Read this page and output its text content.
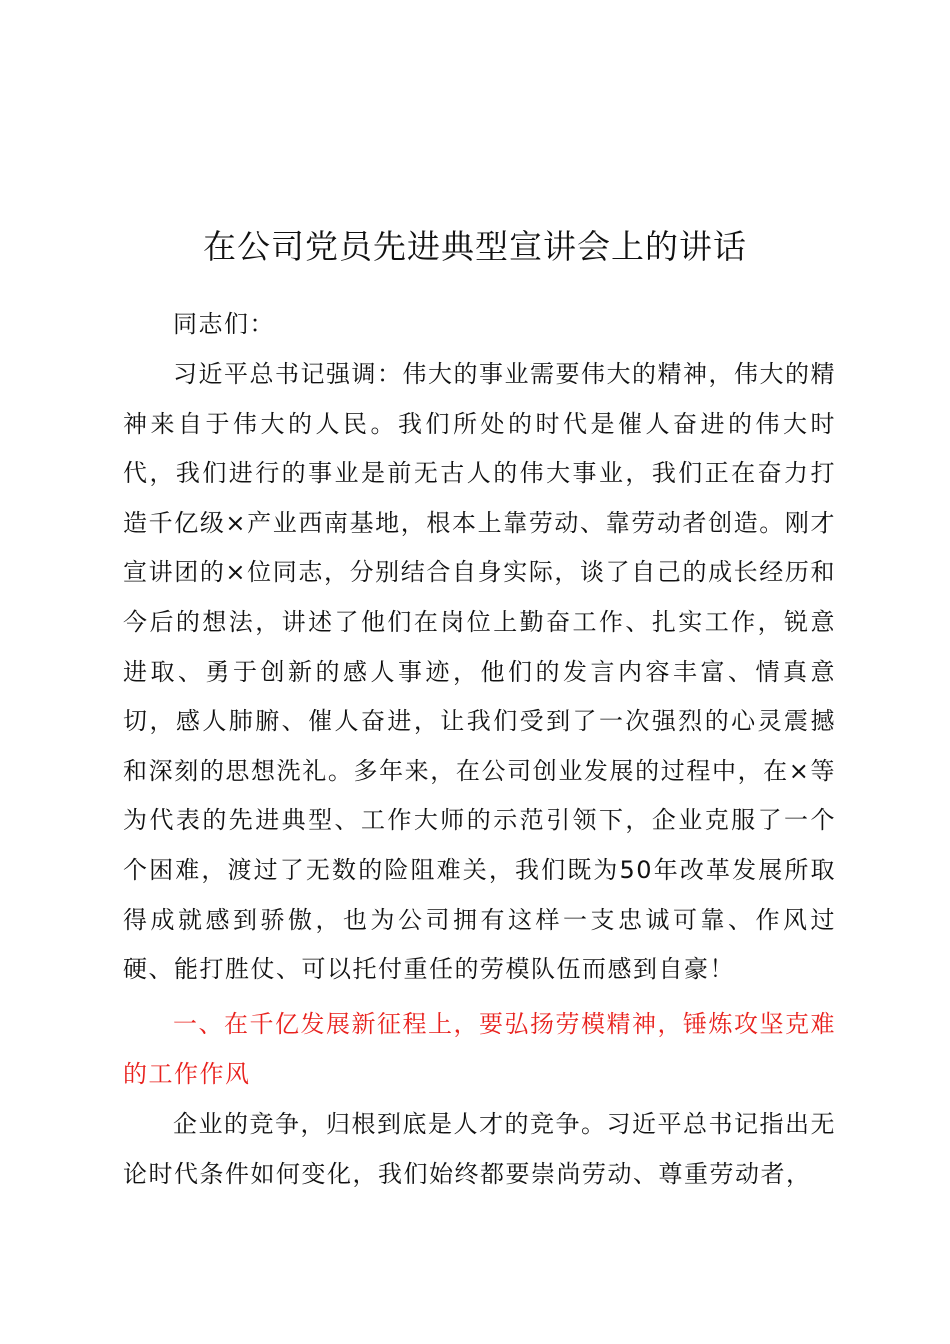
在公司党员先进典型宣讲会上的讲话

同志们：

习近平总书记强调：伟大的事业需要伟大的精神，伟大的精神来自于伟大的人民。我们所处的时代是催人奋进的伟大时代，我们进行的事业是前无古人的伟大事业，我们正在奋力打造千亿级×产业西南基地，根本上靠劳动、靠劳动者创造。刚才宣讲团的×位同志，分别结合自身实际，谈了自己的成长经历和今后的想法，讲述了他们在岗位上勤奋工作、扎实工作，锐意进取、勇于创新的感人事迹，他们的发言内容丰富、情真意切，感人肺腑、催人奋进，让我们受到了一次强烈的心灵震撼和深刻的思想洗礼。多年来，在公司创业发展的过程中，在×等为代表的先进典型、工作大师的示范引领下，企业克服了一个个困难，渡过了无数的险阻难关，我们既为50年改革发展所取得成就感到骄傲，也为公司拥有这样一支忠诚可靠、作风过硬、能打胜仗、可以托付重任的劳模队伍而感到自豪！

一、在千亿发展新征程上，要弘扬劳模精神，锤炼攻坚克难的工作作风

企业的竞争，归根到底是人才的竞争。习近平总书记指出无论时代条件如何变化，我们始终都要崇尚劳动、尊重劳动者，
